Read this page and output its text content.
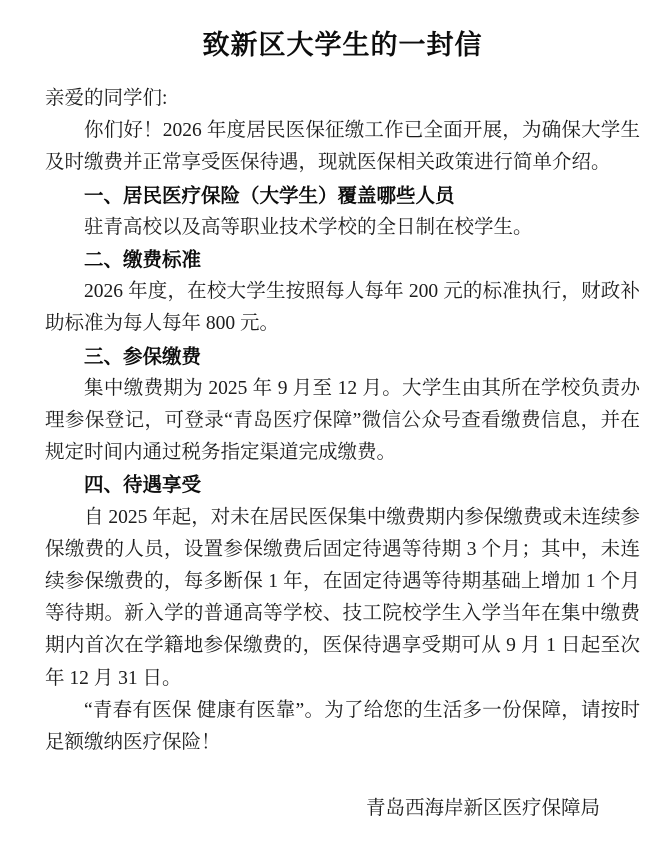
致新区大学生的一封信

亲爱的同学们:

你们好！2026 年度居民医保征缴工作已全面开展，为确保大学生及时缴费并正常享受医保待遇，现就医保相关政策进行简单介绍。

一、居民医疗保险（大学生）覆盖哪些人员

驻青高校以及高等职业技术学校的全日制在校学生。

二、缴费标准

2026 年度，在校大学生按照每人每年 200 元的标准执行，财政补助标准为每人每年 800 元。

三、参保缴费

集中缴费期为 2025 年 9 月至 12 月。大学生由其所在学校负责办理参保登记，可登录“青岛医疗保障”微信公众号查看缴费信息，并在规定时间内通过税务指定渠道完成缴费。

四、待遇享受

自 2025 年起，对未在居民医保集中缴费期内参保缴费或未连续参保缴费的人员，设置参保缴费后固定待遇等待期 3 个月；其中，未连续参保缴费的，每多断保 1 年，在固定待遇等待期基础上增加 1 个月等待期。新入学的普通高等学校、技工院校学生入学当年在集中缴费期内首次在学籍地参保缴费的，医保待遇享受期可从 9 月 1 日起至次年 12 月 31 日。

“青春有医保 健康有医靠”。为了给您的生活多一份保障，请按时足额缴纳医疗保险！

青岛西海岸新区医疗保障局
